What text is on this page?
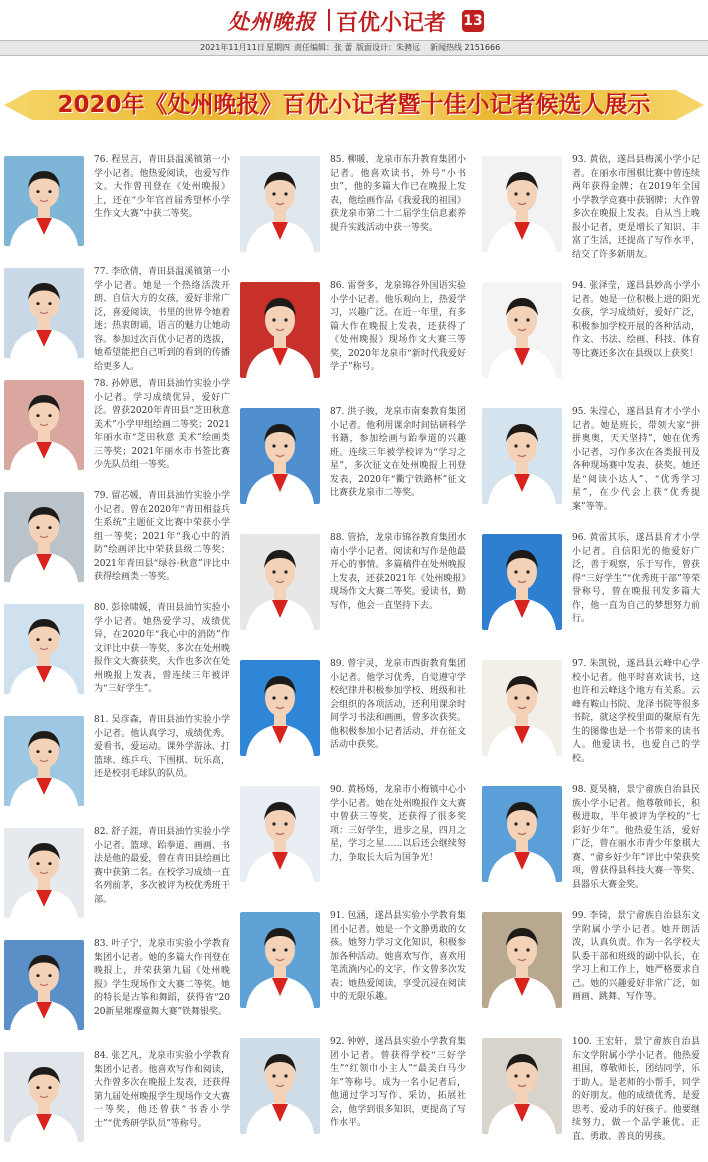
处州晚报 百优小记者 13
2021年11月11日 星期四 责任编辑：张 蕾 版面设计：朱骋远 新闻热线 2151666
2020年《处州晚报》百优小记者暨十佳小记者候选人展示
76. 程昱言，青田县温溪镇第一小学小记者。他热爱阅读，也爱写作文。大作曾刊登在《处州晚报》上，还在“少年官首届秀望杯小学生作文大赛”中获二等奖。
77. 李欣倩，青田县温溪镇第一小学小记者。她是一个热络活泼开朗、自信大方的女孩，爱好非常广泛，喜爱阅读，书里的世界令她着迷；热衷朗诵，语言的魅力让她动容。参加过次百优小记者的选拔，她希望能把自己听到的看到的传播给更多人。
78. 孙婷恩，青田县油竹实验小学小记者。学习成绩优异，爱好广泛。曾获2020年青田县“芝田秋意 美术”小学甲组绘画二等奖；2021年丽水市“芝田秋意 美术”绘画类三等奖；2021年丽水市书签比赛少先队员组一等奖。
79. 留芯媛，青田县油竹实验小学小记者。曾在2020年“青田相益兵生系统”主题征文比赛中荣获小学组一等奖；2021年“我心中的消防”绘画评比中荣获县级二等奖；2021年青田县“绿谷·秋意”评比中获得绘画类一等奖。
80. 彭徐啸媛，青田县油竹实验小学小记者。她热爱学习，成绩优异，在2020年“我心中的消防”作文评比中获一等奖，多次在处州晚报作文大赛获奖，大作也多次在处州晚报上发表，曾连续三年被评为“三好学生”。
81. 吴彦森，青田县油竹实验小学小记者。他认真学习，成绩优秀。爱看书，爱运动。课外学游泳、打篮球、练乒乓、下围棋、玩乐高，还是校羽毛球队的队员。
82. 舒子涯，青田县油竹实验小学小记者。篮球、跆拳道、画画、书法是他的最爱，曾在青田县绘画比赛中获第二名。在校学习成绩一直名列前茅，多次被评为校优秀班干部。
83. 叶子宁，龙泉市实验小学教育集团小记者。她的多篇大作刊登在晚报上，并荣获第九届《处州晚报》学生现场作文大赛二等奖。她的特长是古筝和舞蹈，获得省“2020新星璀璨童舞大赛”铁舞银奖。
84. 张艺凡，龙泉市实验小学教育集团小记者。他喜欢写作和阅读，大作曾多次在晚报上发表，还获得第九届处州晚报学生现场作文大赛一等奖，他还曾获“书香小学士”“优秀研学队员”等称号。
85. 柳暖，龙泉市东升教育集团小记者。他喜欢读书，外号“小书虫”，他的多篇大作已在晚报上发表，他绘画作品《我爱我的祖国》获龙泉市第二十二届学生信息素养提升实践活动中获一等奖。
86. 雷誉多，龙泉锦谷外国语实验小学小记者。他乐观向上，热爱学习，兴趣广泛。在近一年里，有多篇大作在晚报上发表，还获得了《处州晚报》现场作文大赛三等奖，2020年龙泉市“新时代我爱好学子”称号。
87. 洪子骏，龙泉市南秦教育集团小记者。他利用课余时间钻研科学书籍，参加绘画与跆拳道的兴趣班。连续三年被学校评为“学习之星”，多次征文在处州晚报上刊登发表，2020年“衢宁铁路杯”征文比赛获龙泉市二等奖。
88. 管拾，龙泉市锦谷教育集团水南小学小记者。阅读和写作是他最开心的事情。多篇稿件在处州晚报上发表，还获2021年《处州晚报》现场作文大赛二等奖。爱读书，勤写作，他会一直坚持下去。
89. 曾宇灵，龙泉市西街教育集团小记者。他学习优秀，自觉遵守学校纪律并积极参加学校、班级和社会组织的各项活动，还利用课余时间学习书法和画画，曾多次获奖。他积极参加小记者活动，并在征文活动中获奖。
90. 黄杨炀，龙泉市小梅镇中心小学小记者。她在处州晚报作文大赛中曾获三等奖，还获得了很多奖项：三好学生，进步之星，四月之星，学习之星……以后还会继续努力，争取长大后为国争光！
91. 包涵，遂昌县实验小学教育集团小记者。她是一个文静勇敢的女孩。她努力学习文化知识，积极参加各种活动。她喜欢写作，喜欢用笔流淌内心的文字，作文曾多次发表；她热爱阅读，享受沉浸在阅读中的无限乐趣。
92. 钟婷，遂昌县实验小学教育集团小记者。曾获得学校“三好学生”“红领巾小主人”“最美白马少年”等称号。成为一名小记者后，他通过学习写作、采访，拓展社会，他学到很多知识，更提高了写作水平。
93. 黄依，遂昌县梅溪小学小记者。在丽水市围棋比赛中曾连续两年获得金牌；在2019年全国小学教学竞赛中获钢牌；大作曾多次在晚报上发表。自从当上晚报小记者，更是增长了知识、丰富了生活，还提高了写作水平，结交了许多新朋友。
94. 张泽莹，遂昌县妙高小学小记者。她是一位积极上进的阳光女孩，学习成绩好，爱好广泛，积极参加学校开展的各种活动，作文、书法、绘画、科技、体育等比赛还多次在县级以上获奖！
95. 朱滢心，遂昌县育才小学小记者。她是班长，带领大家“拼拼奥奥，天天坚持”，她在优秀小记者，习作多次在各类报刊及各种现场赛中发表、获奖。她还是“阅读小达人”、“优秀学习星”，在少代会上获“优秀提案”等等。
96. 黄雷其乐，遂昌县育才小学小记者。自信阳光的他爱好广泛，善于观察，乐于写作，曾获得“三好学生”“优秀班干部”等荣誉称号，曾在晚报刊发多篇大作，他一直为自己的梦想努力前行。
97. 朱凯锐，遂昌县云峰中心学校小记者。他平时喜欢读书，这也许和云峰这个地方有关系。云峰有鞍山书院、龙泽书院等很多书院，就这学校里面的聚原有先生的图像也是一个书带来的读书人。他爱读书，也爱自己的学校。
98. 夏昊楠，景宁畲族自治县民族小学小记者。他尊敬师长，积极进取，半年被评为学校的“七彩好少年”。他热爱生活，爱好广泛，曾在丽水市青少年象棋大赛、“畲乡好少年”评比中荣获奖项，曾获得县科技大赛一等奖、县器乐大赛金奖。
99. 李锜，景宁畲族自治县东文学附属小学小记者。她开朗活泼，认真负责。作为一名学校大队委干部和班级的副中队长，在学习上和工作上，她严格要求自己。她的兴趣爱好非常广泛，如画画、跳舞、写作等。
100. 王宏轩，景宁畲族自治县东文学附属小学小记者。他热爱祖国，尊敬师长，团结同学，乐于助人。是老师的小帮手，同学的好朋友。他的成绩优秀，是爱思考、爱动手的好孩子。他要继续努力，做一个品学兼优、正直、勇敢、善良的男孩。
